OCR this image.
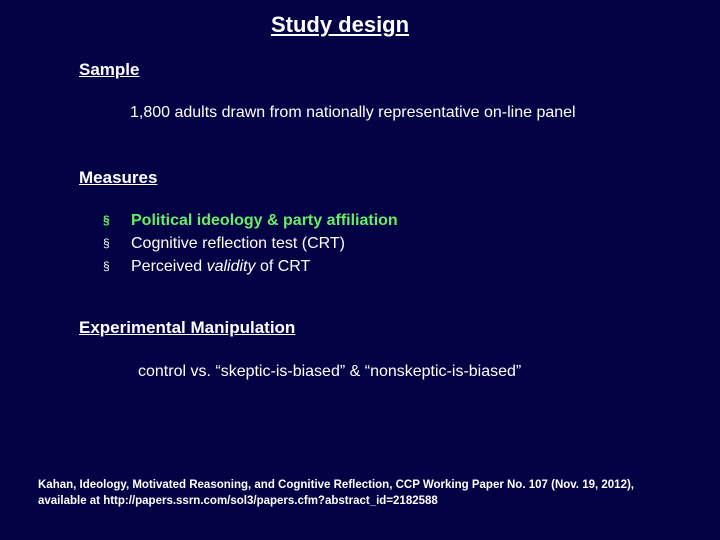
Study design
Sample
1,800 adults drawn from nationally representative on-line panel
Measures
§	Political ideology & party affiliation
§	Cognitive reflection test (CRT)
§	Perceived validity of CRT
Experimental Manipulation
control vs. “skeptic-is-biased” & “nonskeptic-is-biased”
Kahan, Ideology, Motivated Reasoning, and Cognitive Reflection, CCP Working Paper No. 107 (Nov. 19, 2012),
available at http://papers.ssrn.com/sol3/papers.cfm?abstract_id=2182588
